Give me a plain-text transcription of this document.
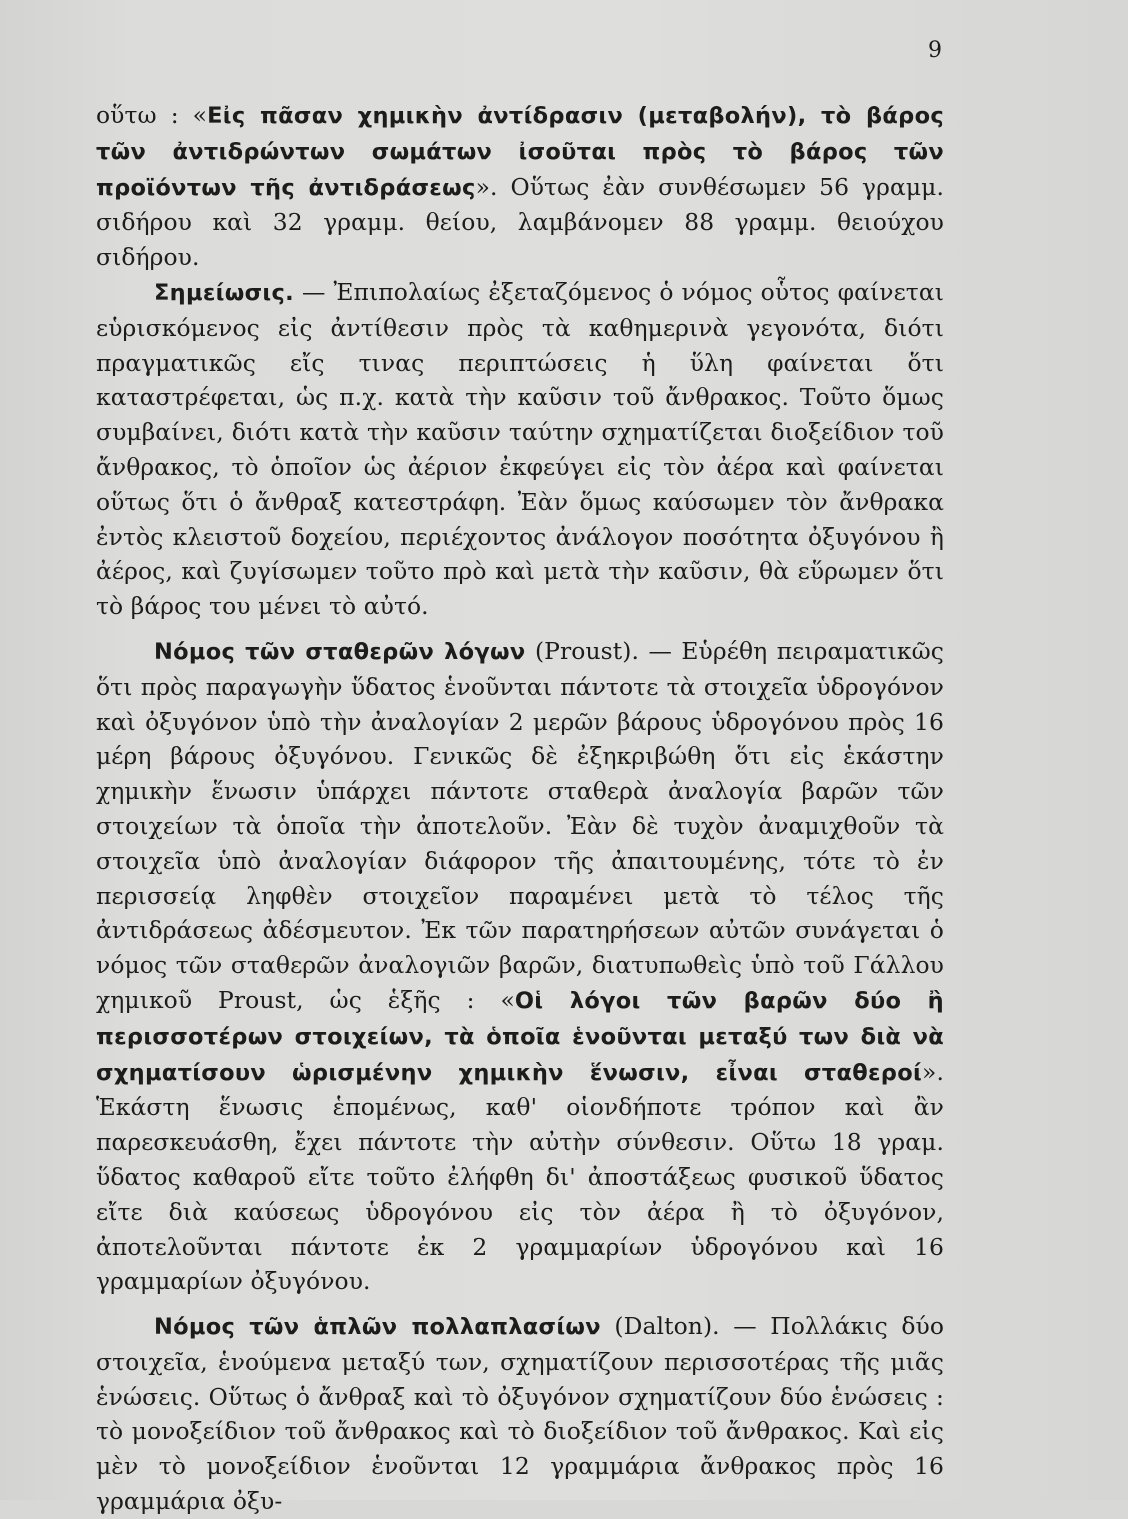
9

οὕτω : «Εἰς πᾶσαν χημικὴν ἀντίδρασιν (μεταβολήν), τὸ βάρος τῶν ἀντιδρώντων σωμάτων ἰσοῦται πρὸς τὸ βάρος τῶν προϊόντων τῆς ἀντιδράσεως». Οὕτως ἐὰν συνθέσωμεν 56 γραμμ. σιδήρου καὶ 32 γραμμ. θείου, λαμβάνομεν 88 γραμμ. θειούχου σιδήρου.

Σημείωσις. — Ἐπιπολαίως ἐξεταζόμενος ὁ νόμος οὗτος φαίνεται εὑρισκόμενος εἰς ἀντίθεσιν πρὸς τὰ καθημερινὰ γεγονότα, διότι πραγματικῶς εἴς τινας περιπτώσεις ἡ ὕλη φαίνεται ὅτι καταστρέφεται, ὡς π.χ. κατὰ τὴν καῦσιν τοῦ ἄνθρακος. Τοῦτο ὅμως συμβαίνει, διότι κατὰ τὴν καῦσιν ταύτην σχηματίζεται διοξείδιον τοῦ ἄνθρακος, τὸ ὁποῖον ὡς ἀέριον ἐκφεύγει εἰς τὸν ἀέρα καὶ φαίνεται οὕτως ὅτι ὁ ἄνθραξ κατεστράφη. Ἐὰν ὅμως καύσωμεν τὸν ἄνθρακα ἐντὸς κλειστοῦ δοχείου, περιέχοντος ἀνάλογον ποσότητα ὀξυγόνου ἢ ἀέρος, καὶ ζυγίσωμεν τοῦτο πρὸ καὶ μετὰ τὴν καῦσιν, θὰ εὕρωμεν ὅτι τὸ βάρος του μένει τὸ αὐτό.

Νόμος τῶν σταθερῶν λόγων (Proust). — Εὑρέθη πειραματικῶς ὅτι πρὸς παραγωγὴν ὕδατος ἑνοῦνται πάντοτε τὰ στοιχεῖα ὑδρογόνον καὶ ὀξυγόνον ὑπὸ τὴν ἀναλογίαν 2 μερῶν βάρους ὑδρογόνου πρὸς 16 μέρη βάρους ὀξυγόνου. Γενικῶς δὲ ἐξηκριβώθη ὅτι εἰς ἑκάστην χημικὴν ἕνωσιν ὑπάρχει πάντοτε σταθερὰ ἀναλογία βαρῶν τῶν στοιχείων τὰ ὁποῖα τὴν ἀποτελοῦν. Ἐὰν δὲ τυχὸν ἀναμιχθοῦν τὰ στοιχεῖα ὑπὸ ἀναλογίαν διάφορον τῆς ἀπαιτουμένης, τότε τὸ ἐν περισσείᾳ ληφθὲν στοιχεῖον παραμένει μετὰ τὸ τέλος τῆς ἀντιδράσεως ἀδέσμευτον. Ἐκ τῶν παρατηρήσεων αὐτῶν συνάγεται ὁ νόμος τῶν σταθερῶν ἀναλογιῶν βαρῶν, διατυπωθεὶς ὑπὸ τοῦ Γάλλου χημικοῦ Proust, ὡς ἑξῆς : «Οἱ λόγοι τῶν βαρῶν δύο ἢ περισσοτέρων στοιχείων, τὰ ὁποῖα ἑνοῦνται μεταξύ των διὰ νὰ σχηματίσουν ὡρισμένην χημικὴν ἕνωσιν, εἶναι σταθεροί». Ἑκάστη ἕνωσις ἑπομένως, καθ' οἱονδήποτε τρόπον καὶ ἂν παρεσκευάσθη, ἔχει πάντοτε τὴν αὐτὴν σύνθεσιν. Οὕτω 18 γραμ. ὕδατος καθαροῦ εἴτε τοῦτο ἐλήφθη δι' ἀποστάξεως φυσικοῦ ὕδατος εἴτε διὰ καύσεως ὑδρογόνου εἰς τὸν ἀέρα ἢ τὸ ὀξυγόνον, ἀποτελοῦνται πάντοτε ἐκ 2 γραμμαρίων ὑδρογόνου καὶ 16 γραμμαρίων ὀξυγόνου.

Νόμος τῶν ἁπλῶν πολλαπλασίων (Dalton). — Πολλάκις δύο στοιχεῖα, ἑνούμενα μεταξύ των, σχηματίζουν περισσοτέρας τῆς μιᾶς ἑνώσεις. Οὕτως ὁ ἄνθραξ καὶ τὸ ὀξυγόνον σχηματίζουν δύο ἑνώσεις : τὸ μονοξείδιον τοῦ ἄνθρακος καὶ τὸ διοξείδιον τοῦ ἄνθρακος. Καὶ εἰς μὲν τὸ μονοξείδιον ἑνοῦνται 12 γραμμάρια ἄνθρακος πρὸς 16 γραμμάρια ὀξυ-
